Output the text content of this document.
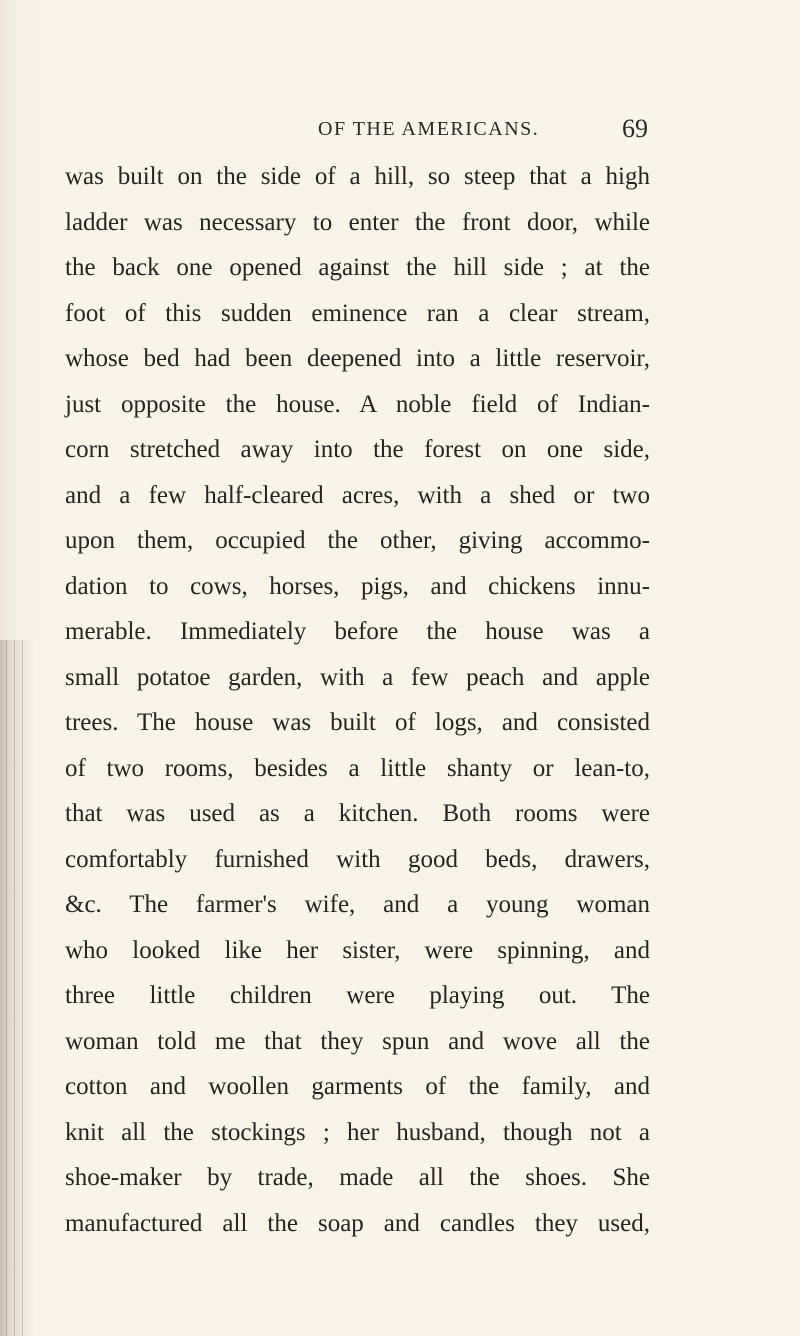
OF THE AMERICANS.	69
was built on the side of a hill, so steep that a high
ladder was necessary to enter the front door, while
the back one opened against the hill side ; at the
foot of this sudden eminence ran a clear stream,
whose bed had been deepened into a little reservoir,
just opposite the house. A noble field of Indian-
corn stretched away into the forest on one side,
and a few half-cleared acres, with a shed or two
upon them, occupied the other, giving accommo-
dation to cows, horses, pigs, and chickens innu-
merable. Immediately before the house was a
small potatoe garden, with a few peach and apple
trees. The house was built of logs, and consisted
of two rooms, besides a little shanty or lean-to,
that was used as a kitchen. Both rooms were
comfortably furnished with good beds, drawers,
&c. The farmer's wife, and a young woman
who looked like her sister, were spinning, and
three little children were playing out. The
woman told me that they spun and wove all the
cotton and woollen garments of the family, and
knit all the stockings ; her husband, though not a
shoe-maker by trade, made all the shoes. She
manufactured all the soap and candles they used,
